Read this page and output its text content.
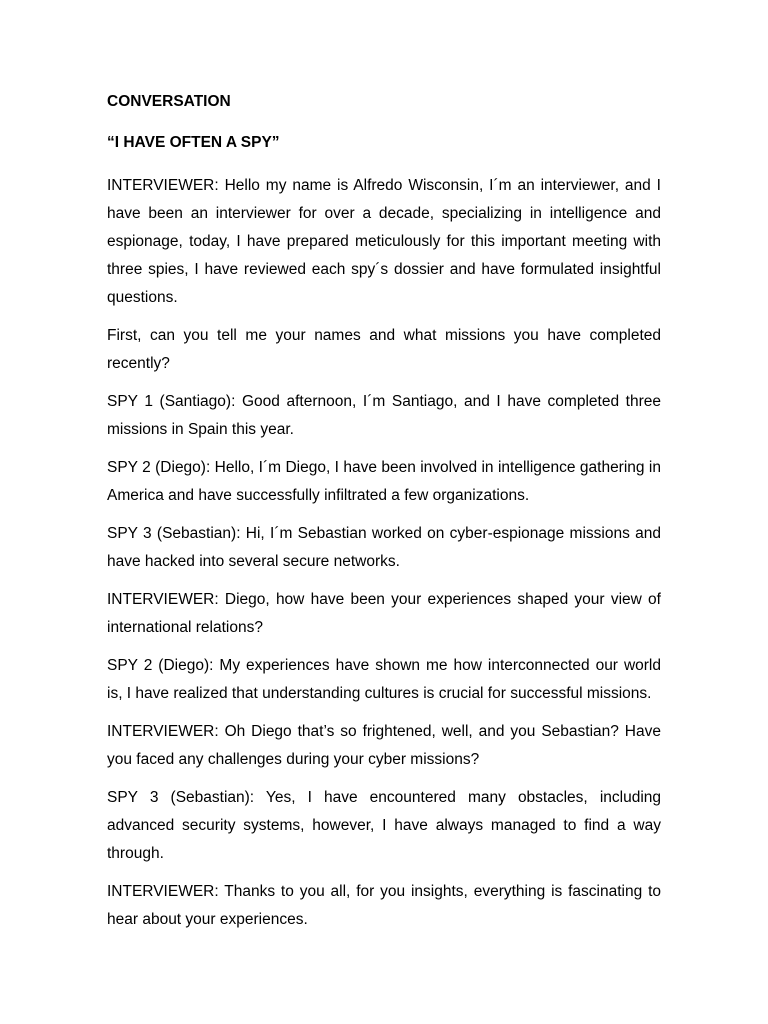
CONVERSATION

“I HAVE OFTEN A SPY”

INTERVIEWER: Hello my name is Alfredo Wisconsin, I´m an interviewer, and I have been an interviewer for over a decade, specializing in intelligence and espionage, today, I have prepared meticulously for this important meeting with three spies, I have reviewed each spy´s dossier and have formulated insightful questions.

First, can you tell me your names and what missions you have completed recently?

SPY 1 (Santiago): Good afternoon, I´m Santiago, and I have completed three missions in Spain this year.

SPY 2 (Diego): Hello, I´m Diego, I have been involved in intelligence gathering in America and have successfully infiltrated a few organizations.

SPY 3 (Sebastian): Hi, I´m Sebastian worked on cyber-espionage missions and have hacked into several secure networks.

INTERVIEWER: Diego, how have been your experiences shaped your view of international relations?

SPY 2 (Diego): My experiences have shown me how interconnected our world is, I have realized that understanding cultures is crucial for successful missions.

INTERVIEWER: Oh Diego that’s so frightened, well, and you Sebastian? Have you faced any challenges during your cyber missions?

SPY 3 (Sebastian): Yes, I have encountered many obstacles, including advanced security systems, however, I have always managed to find a way through.

INTERVIEWER: Thanks to you all, for you insights, everything is fascinating to hear about your experiences.
